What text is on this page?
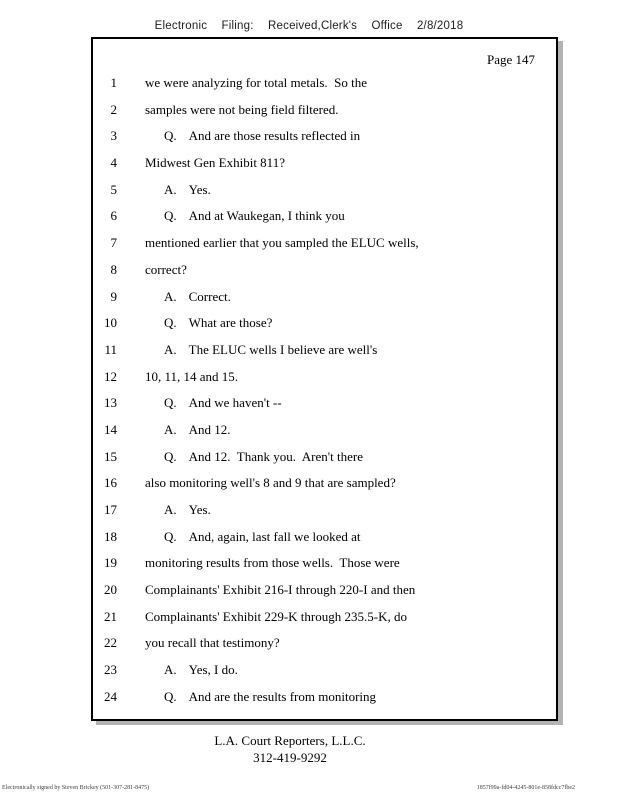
Electronic Filing: Received,Clerk's Office 2/8/2018
Page 147
1 we were analyzing for total metals.  So the
2 samples were not being field filtered.
3	Q. And are those results reflected in
4 Midwest Gen Exhibit 811?
5	A. Yes.
6	Q. And at Waukegan, I think you
7 mentioned earlier that you sampled the ELUC wells,
8 correct?
9	A. Correct.
10	Q. What are those?
11	A. The ELUC wells I believe are well's
12 10, 11, 14 and 15.
13	Q. And we haven't --
14	A. And 12.
15	Q. And 12.  Thank you.  Aren't there
16 also monitoring well's 8 and 9 that are sampled?
17	A. Yes.
18	Q. And, again, last fall we looked at
19 monitoring results from those wells.  Those were
20 Complainants' Exhibit 216-I through 220-I and then
21 Complainants' Exhibit 229-K through 235.5-K, do
22 you recall that testimony?
23	A. Yes, I do.
24	Q. And are the results from monitoring
L.A. Court Reporters, L.L.C.
312-419-9292
Electronically signed by Steven Brickey (501-307-281-8475)	1857f99a-fd04-4245-801e-858fdcc7fbe2
